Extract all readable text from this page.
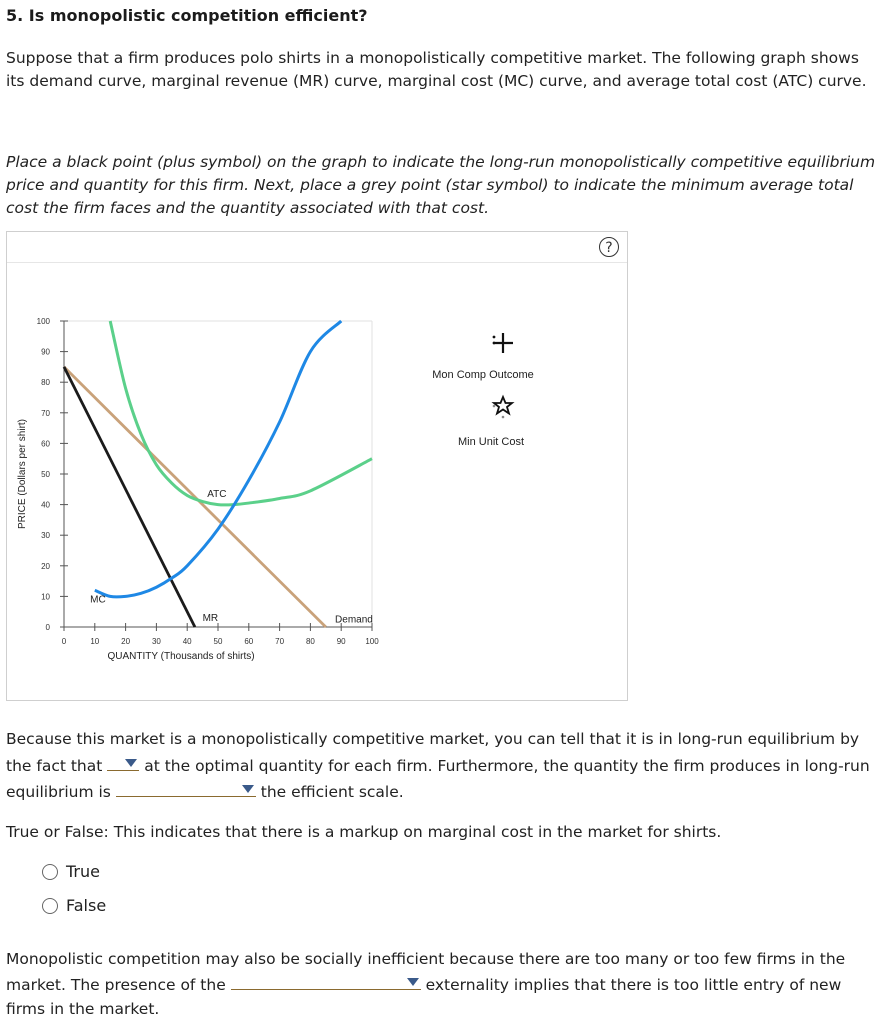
5. Is monopolistic competition efficient?
Suppose that a firm produces polo shirts in a monopolistically competitive market. The following graph shows its demand curve, marginal revenue (MR) curve, marginal cost (MC) curve, and average total cost (ATC) curve.
Place a black point (plus symbol) on the graph to indicate the long-run monopolistically competitive equilibrium price and quantity for this firm. Next, place a grey point (star symbol) to indicate the minimum average total cost the firm faces and the quantity associated with that cost.
?
0
10
20
30
40
50
60
70
80
90
100
0	10	20	30	40	50	60	70	80	90 100
QUANTITY (Thousands of shirts)
PRICE (Dollars per shirt)	ATC
MC
MR	Demand
Mon Comp Outcome
Min Unit Cost
Because this market is a monopolistically competitive market, you can tell that it is in long-run equilibrium by the fact that	at the optimal quantity for each firm. Furthermore, the quantity the firm produces in long-run equilibrium is	the efficient scale.
True or False: This indicates that there is a markup on marginal cost in the market for shirts.
True
False
Monopolistic competition may also be socially inefficient because there are too many or too few firms in the market. The presence of the	externality implies that there is too little entry of new firms in the market.
